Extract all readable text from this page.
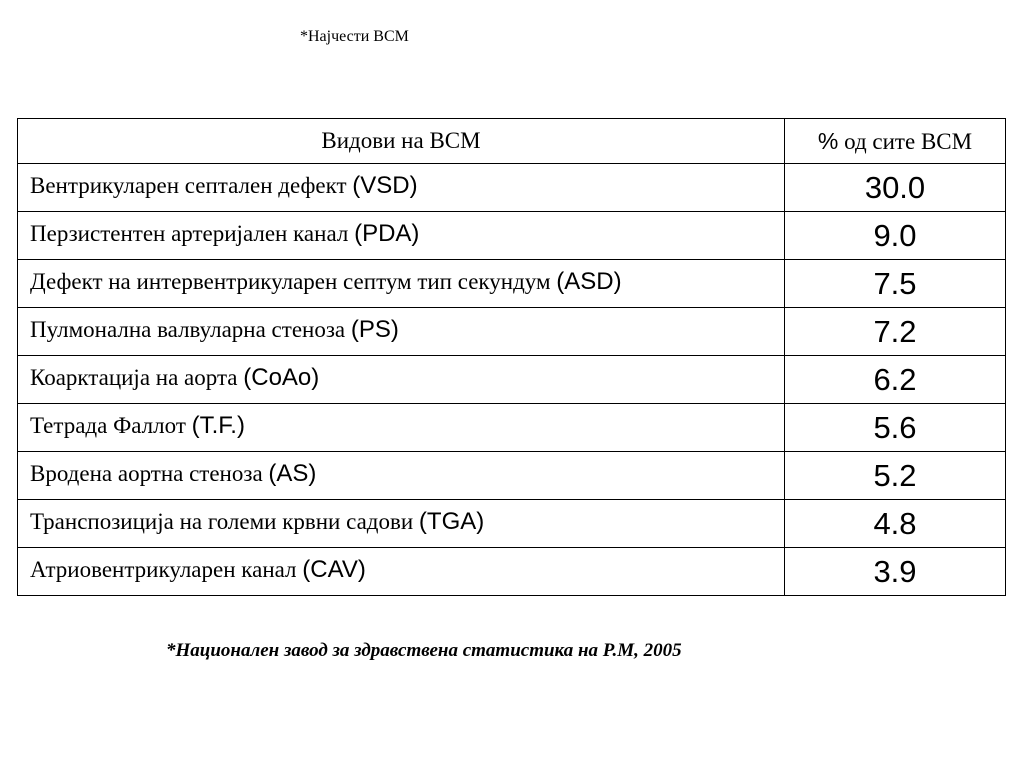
*Најчести ВСМ
Видови на ВСМ	% од сите ВСМ
Вентрикуларен септален дефект (VSD)	30.0
Перзистентен артеријален канал (PDA)	9.0
Дефект на интервентрикуларен септум тип секундум (ASD)	7.5
Пулмонална валвуларна стеноза (PS)	7.2
Коарктација на аорта (CoAo)	6.2
Тетрада Фаллот (T.F.)	5.6
Вродена аортна стеноза (AS)	5.2
Транспозиција на големи крвни садови (TGA)	4.8
Атриовентрикуларен канал (CAV)	3.9
*Национален завод за здравствена статистика на Р.М, 2005
